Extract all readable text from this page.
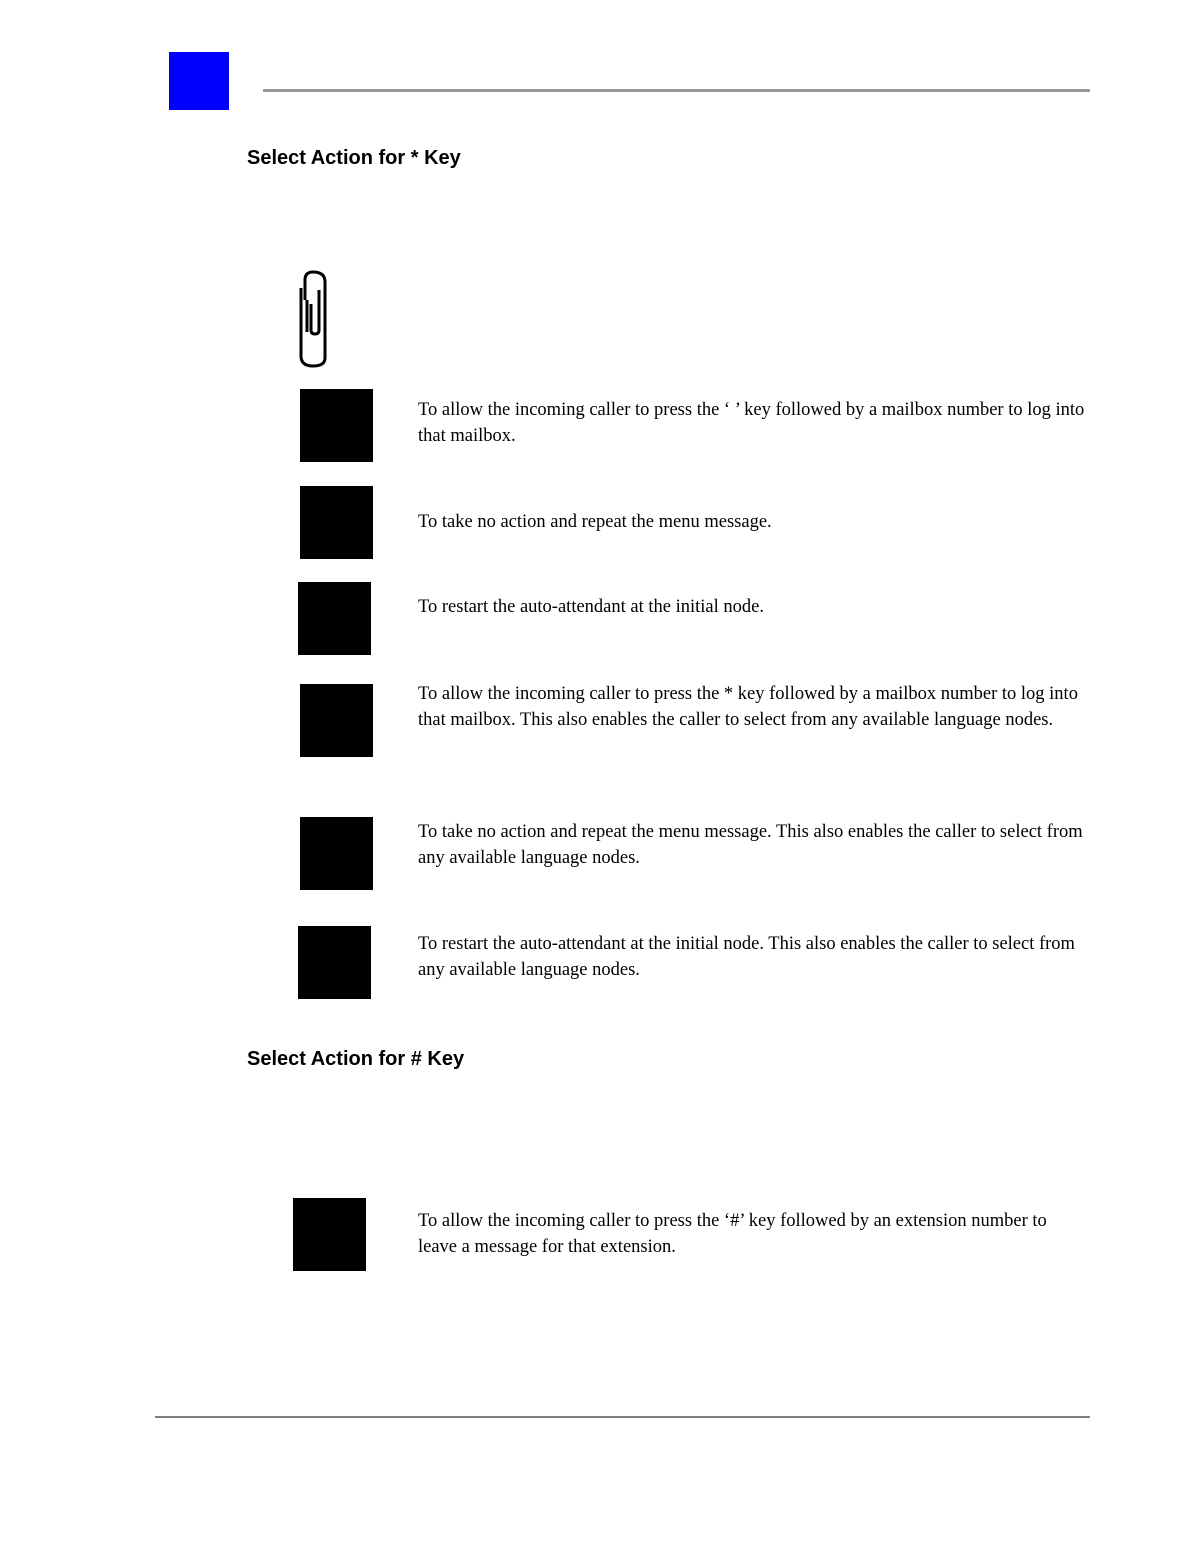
Select Action for * Key

To allow the incoming caller to press the ‘ ’ key followed by a mailbox number to log into that mailbox.

To take no action and repeat the menu message.

To restart the auto-attendant at the initial node.

To allow the incoming caller to press the * key followed by a mailbox number to log into that mailbox. This also enables the caller to select from any available language nodes.

To take no action and repeat the menu message. This also enables the caller to select from any available language nodes.

To restart the auto-attendant at the initial node. This also enables the caller to select from any available language nodes.

Select Action for # Key

To allow the incoming caller to press the ‘#’ key followed by an extension number to leave a message for that extension.
